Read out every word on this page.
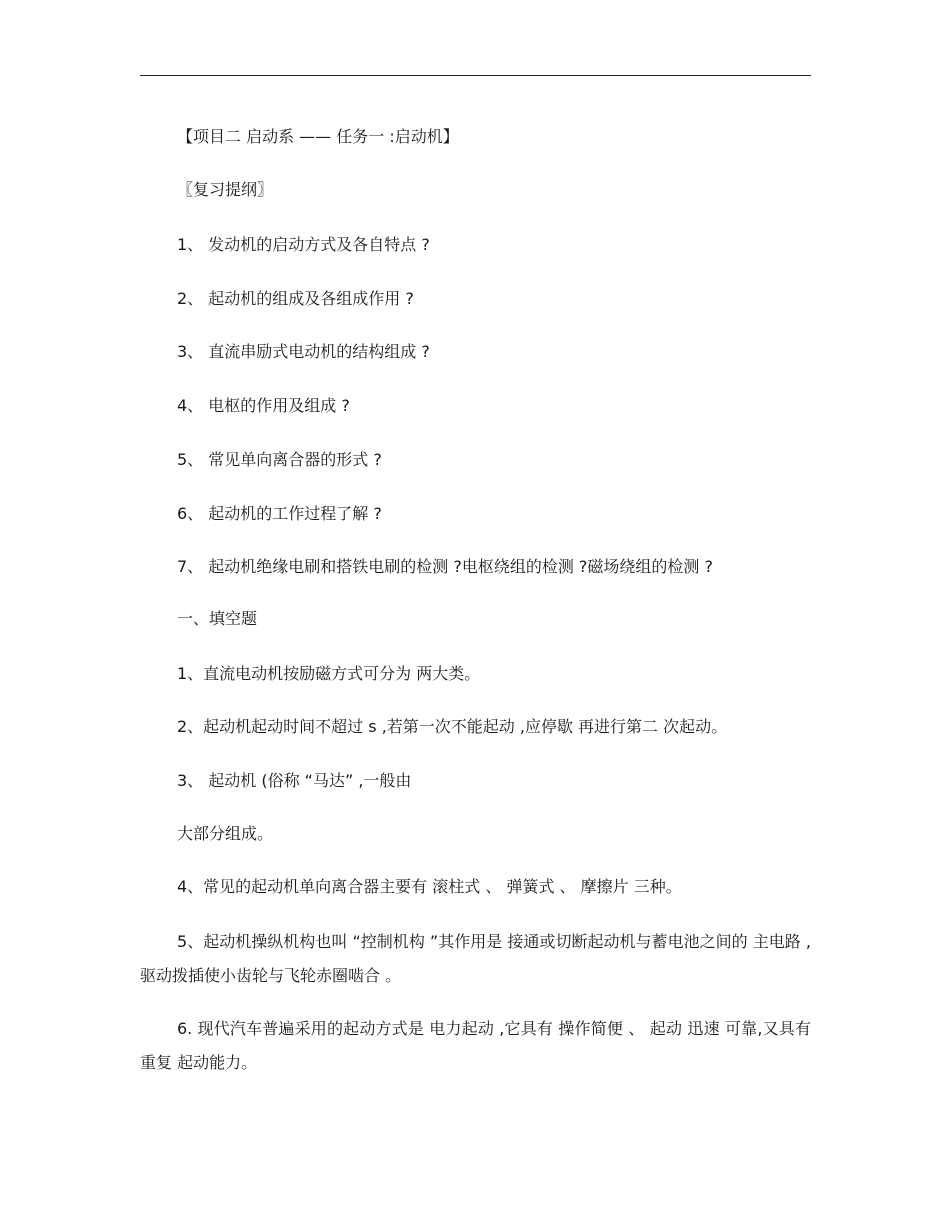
【项目二 启动系 —— 任务一 :启动机】
〖复习提纲〗
1、 发动机的启动方式及各自特点 ?
2、 起动机的组成及各组成作用 ?
3、 直流串励式电动机的结构组成 ?
4、 电枢的作用及组成 ?
5、 常见单向离合器的形式 ?
6、 起动机的工作过程了解 ?
7、 起动机绝缘电刷和搭铁电刷的检测 ?电枢绕组的检测 ?磁场绕组的检测 ?
一、填空题
1、直流电动机按励磁方式可分为 两大类。
2、起动机起动时间不超过 s ,若第一次不能起动 ,应停歇 再进行第二 次起动。
3、 起动机 (俗称 “马达” ,一般由
大部分组成。
4、常见的起动机单向离合器主要有 滚柱式 、 弹簧式 、 摩擦片 三种。
5、起动机操纵机构也叫 “控制机构 ”其作用是 接通或切断起动机与蓄电池之间的 主电路 ,驱动拨插使小齿轮与飞轮赤圈啮合 。
6. 现代汽车普遍采用的起动方式是 电力起动 ,它具有 操作简便 、 起动 迅速 可靠,又具有 重复 起动能力。
